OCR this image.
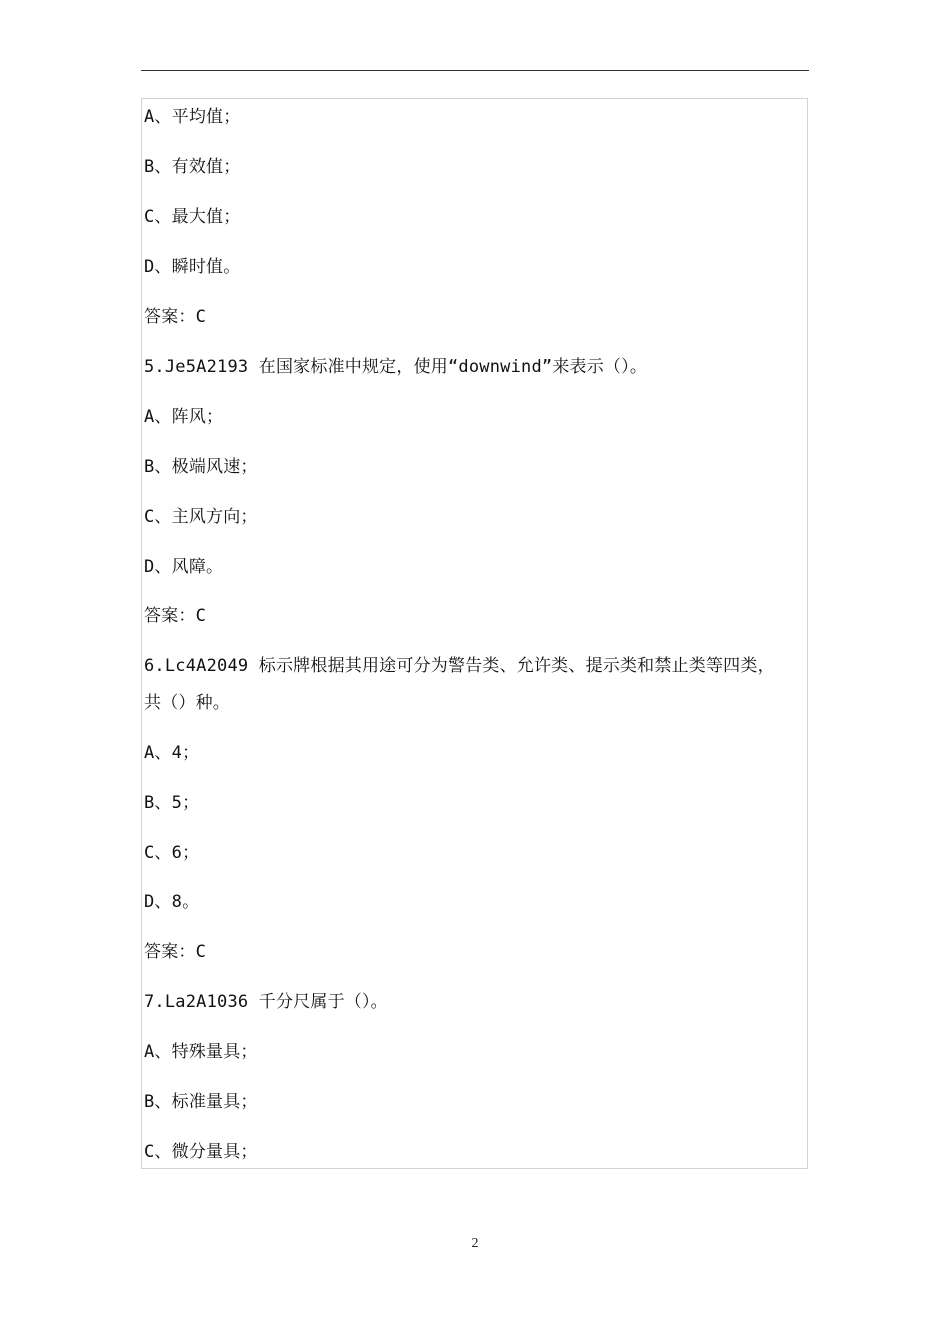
A、平均值；
B、有效值；
C、最大值；
D、瞬时值。
答案：C
5.Je5A2193 在国家标准中规定，使用“downwind”来表示（）。
A、阵风；
B、极端风速；
C、主风方向；
D、风障。
答案：C
6.Lc4A2049 标示牌根据其用途可分为警告类、允许类、提示类和禁止类等四类，
共（）种。
A、4；
B、5；
C、6；
D、8。
答案：C
7.La2A1036 千分尺属于（）。
A、特殊量具；
B、标准量具；
C、微分量具；
2
